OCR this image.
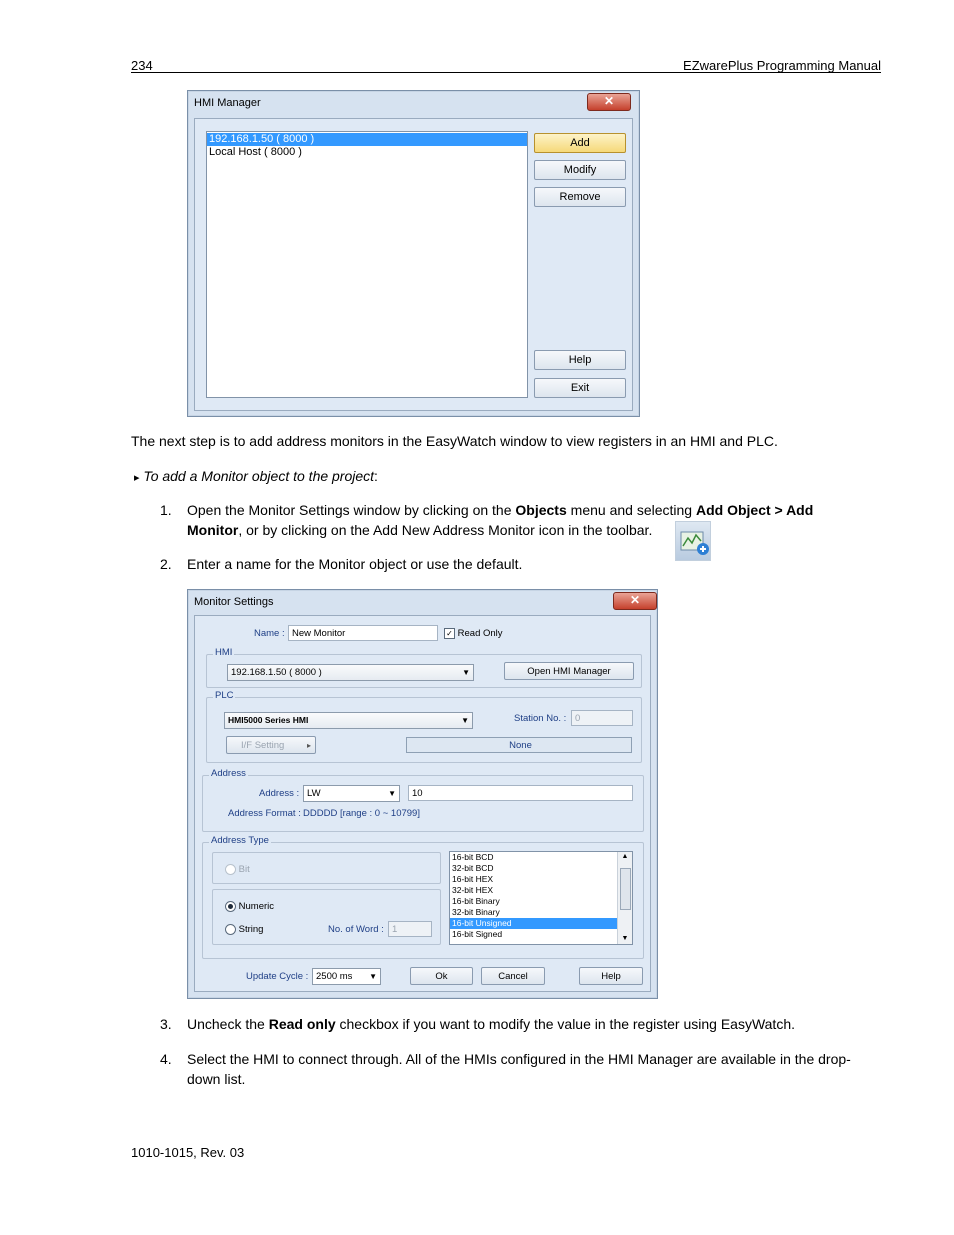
234	EZwarePlus Programming Manual
HMI Manager	✕
192.168.1.50 ( 8000 )
Local Host ( 8000 )
Add
Modify
Remove
Help
Exit
The next step is to add address monitors in the EasyWatch window to view registers in an HMI and PLC.
▸ To add a Monitor object to the project:
1. Open the Monitor Settings window by clicking on the Objects menu and selecting Add Object > Add
Monitor, or by clicking on the Add New Address Monitor icon in the toolbar.
2. Enter a name for the Monitor object or use the default.
Monitor Settings	✕
Name : New Monitor	✓ Read Only
HMI
192.168.1.50 ( 8000 )	▼	Open HMI Manager
PLC
HMI5000 Series HMI	▼	Station No. : 0
I/F Setting	▸	None
Address
Address : LW	▼	10
Address Format : DDDDD [range : 0 ~ 10799]
Address Type
Bit
Numeric
String	No. of Word : 1
16-bit BCD
32-bit BCD
16-bit HEX
32-bit HEX
16-bit Binary
32-bit Binary
16-bit Unsigned
16-bit Signed
▲
▼
Update Cycle : 2500 ms ▼	Ok	Cancel	Help
3. Uncheck the Read only checkbox if you want to modify the value in the register using EasyWatch.
4. Select the HMI to connect through. All of the HMIs configured in the HMI Manager are available in the drop-
down list.
1010-1015, Rev. 03
